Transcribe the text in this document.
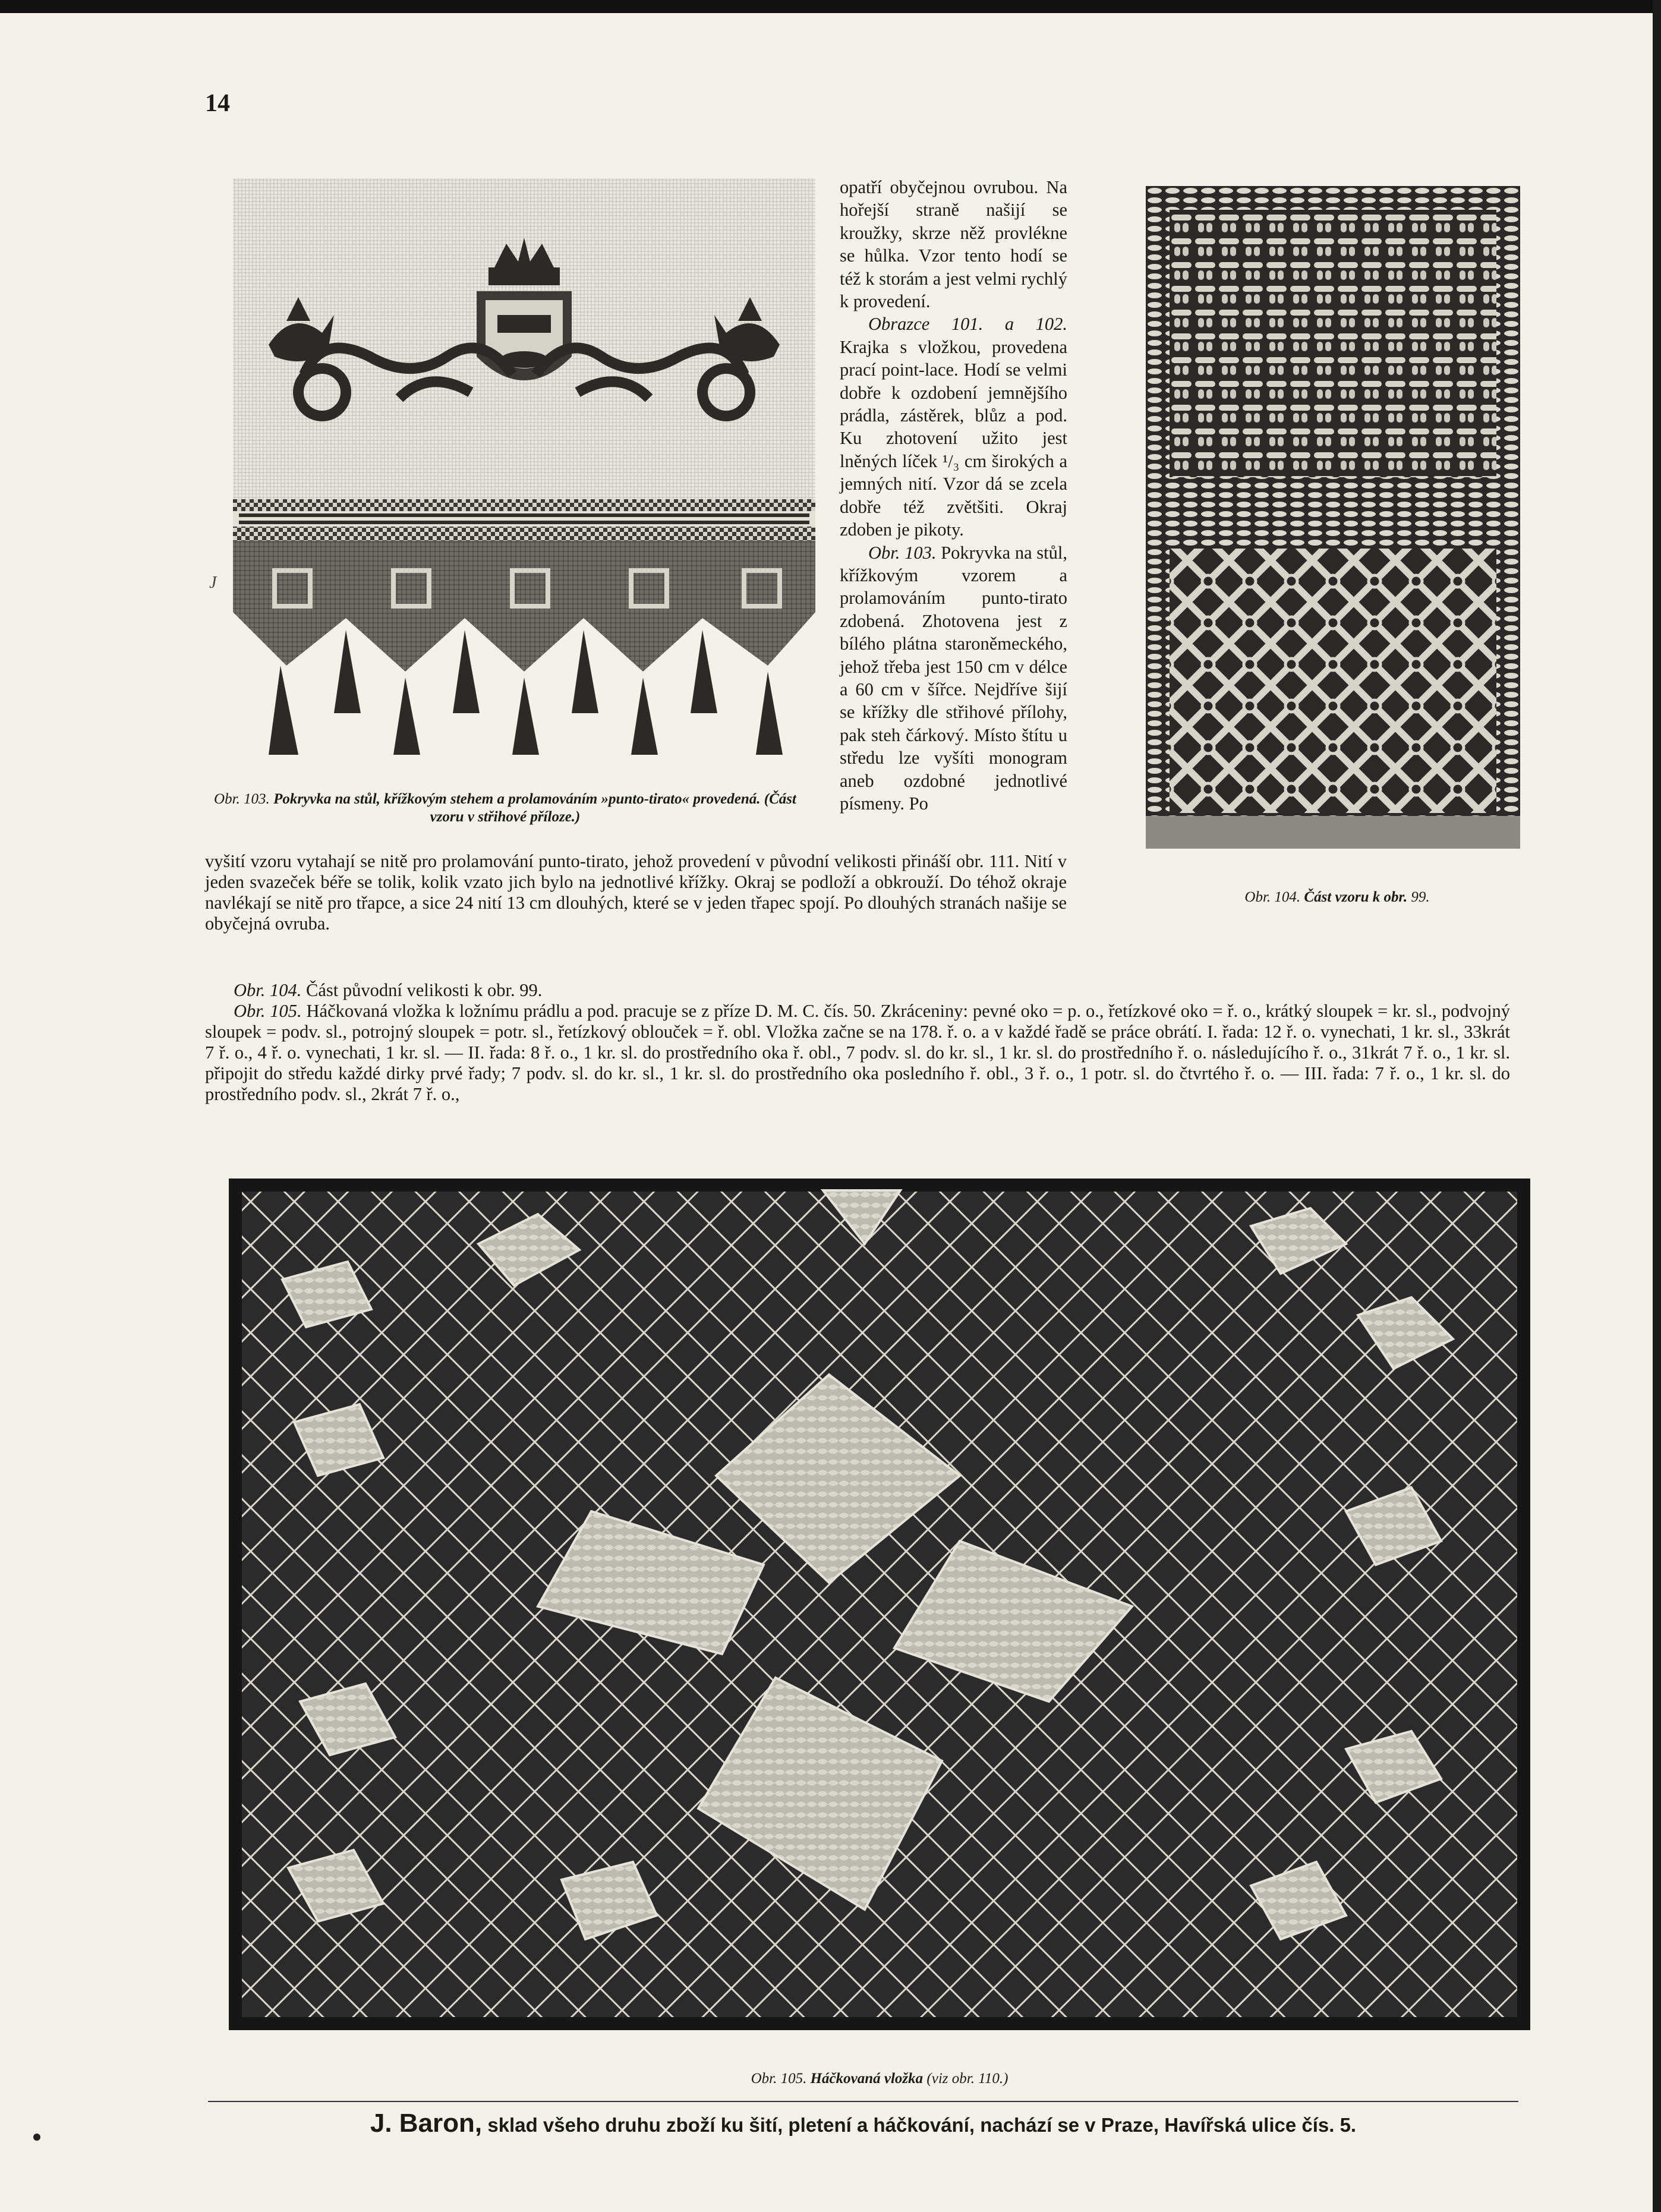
14
J
Obr. 103. Pokryvka na stůl, křížkovým stehem a prolamováním »punto-tirato« provedená. (Část vzoru v střihové příloze.)

opatří obyčejnou ovrubou. Na hořejší straně našijí se kroužky, skrze něž provlékne se hůlka. Vzor tento hodí se též k storám a jest velmi rychlý k provedení.

Obrazce 101. a 102. Krajka s vložkou, provedena prací point-lace. Hodí se velmi dobře k ozdobení jemnějšího prádla, zástěrek, blůz a pod. Ku zhotovení užito jest lněných líček ¹/₃ cm širokých a jemných nití. Vzor dá se zcela dobře též zvětšiti. Okraj zdoben je pikoty.

Obr. 103. Pokryvka na stůl, křížkovým vzorem a prolamováním punto-tirato zdobená. Zhotovena jest z bílého plátna staroněmeckého, jehož třeba jest 150 cm v délce a 60 cm v šířce. Nejdříve šijí se křížky dle střihové přílohy, pak steh čárkový. Místo štítu u středu lze vyšíti monogram aneb ozdobné jednotlivé písmeny. Po

Obr. 104. Část vzoru k obr. 99.

vyšití vzoru vytahají se nitě pro prolamování punto-tirato, jehož provedení v původní velikosti přináší obr. 111. Nití v jeden svazeček béře se tolik, kolik vzato jich bylo na jednotlivé křížky. Okraj se podloží a obkrouží. Do téhož okraje navlékají se nitě pro třapce, a sice 24 nití 13 cm dlouhých, které se v jeden třapec spojí. Po dlouhých stranách našije se obyčejná ovruba.

Obr. 104. Část původní velikosti k obr. 99.

Obr. 105. Háčkovaná vložka k ložnímu prádlu a pod. pracuje se z příze D. M. C. čís. 50. Zkráceniny: pevné oko = p. o., řetízkové oko = ř. o., krátký sloupek = kr. sl., podvojný sloupek = podv. sl., potrojný sloupek = potr. sl., řetízkový oblouček = ř. obl. Vložka začne se na 178. ř. o. a v každé řadě se práce obrátí. I. řada: 12 ř. o. vynechati, 1 kr. sl., 33krát 7 ř. o., 4 ř. o. vynechati, 1 kr. sl. — II. řada: 8 ř. o., 1 kr. sl. do prostředního oka ř. obl., 7 podv. sl. do kr. sl., 1 kr. sl. do prostředního ř. o. následujícího ř. o., 31krát 7 ř. o., 1 kr. sl. připojit do středu každé dirky prvé řady; 7 podv. sl. do kr. sl., 1 kr. sl. do prostředního oka posledního ř. obl., 3 ř. o., 1 potr. sl. do čtvrtého ř. o. — III. řada: 7 ř. o., 1 kr. sl. do prostředního podv. sl., 2krát 7 ř. o.,

Obr. 105. Háčkovaná vložka (viz obr. 110.)
J. Baron, sklad všeho druhu zboží ku šití, pletení a háčkování, nachází se v Praze, Havířská ulice čís. 5.
